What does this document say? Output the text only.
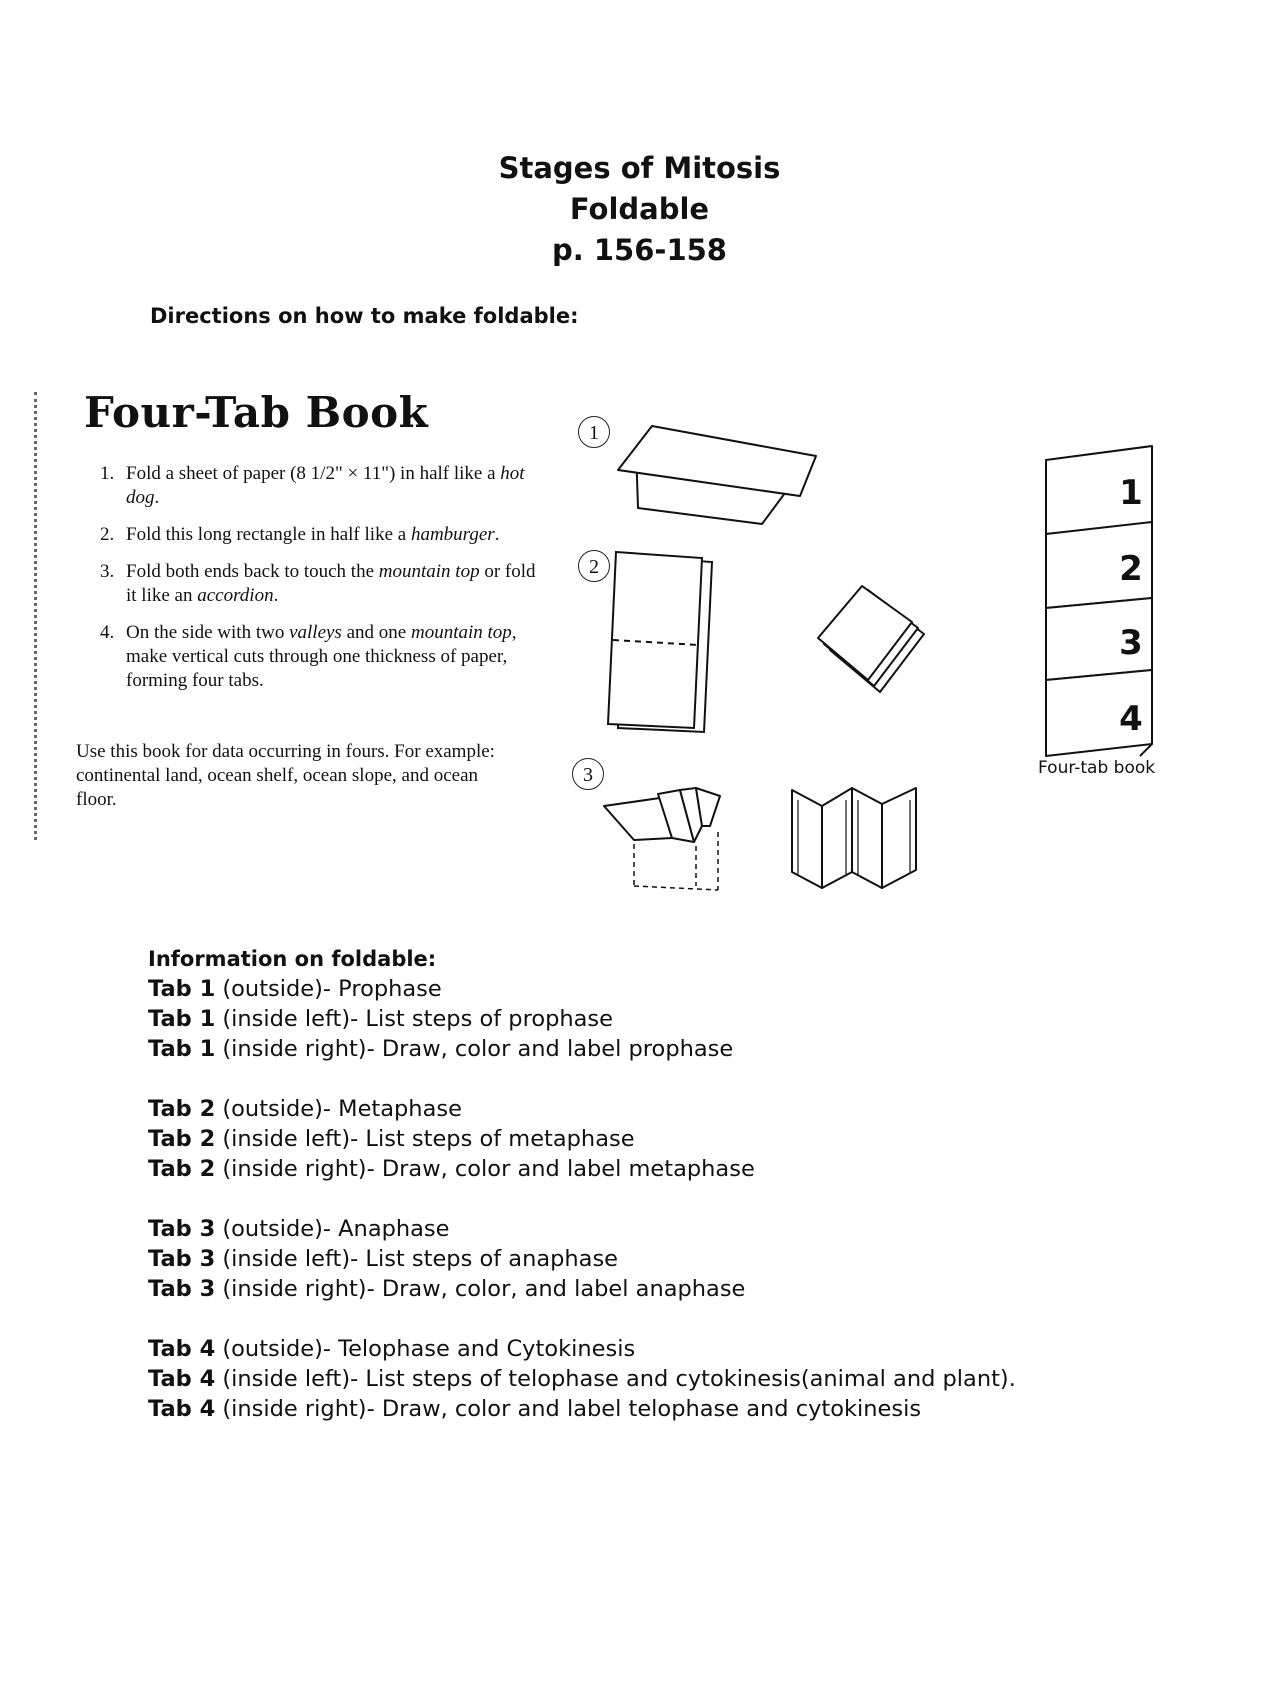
Stages of Mitosis
Foldable
p. 156-158
Directions on how to make foldable:
Four-Tab Book
1. Fold a sheet of paper (8 1/2" × 11") in half like a hot dog.
2. Fold this long rectangle in half like a hamburger.
3. Fold both ends back to touch the mountain top or fold it like an accordion.
4. On the side with two valleys and one mountain top, make vertical cuts through one thickness of paper, forming four tabs.
Use this book for data occurring in fours. For example: continental land, ocean shelf, ocean slope, and ocean floor.
1
2
3
1
2
3
4
Four-tab book
Information on foldable:
Tab 1 (outside)- Prophase
Tab 1 (inside left)- List steps of prophase
Tab 1 (inside right)- Draw, color and label prophase
Tab 2 (outside)- Metaphase
Tab 2 (inside left)- List steps of metaphase
Tab 2 (inside right)- Draw, color and label metaphase
Tab 3 (outside)- Anaphase
Tab 3 (inside left)- List steps of anaphase
Tab 3 (inside right)- Draw, color, and label anaphase
Tab 4 (outside)- Telophase and Cytokinesis
Tab 4 (inside left)- List steps of telophase and cytokinesis(animal and plant).
Tab 4 (inside right)- Draw, color and label telophase and cytokinesis
